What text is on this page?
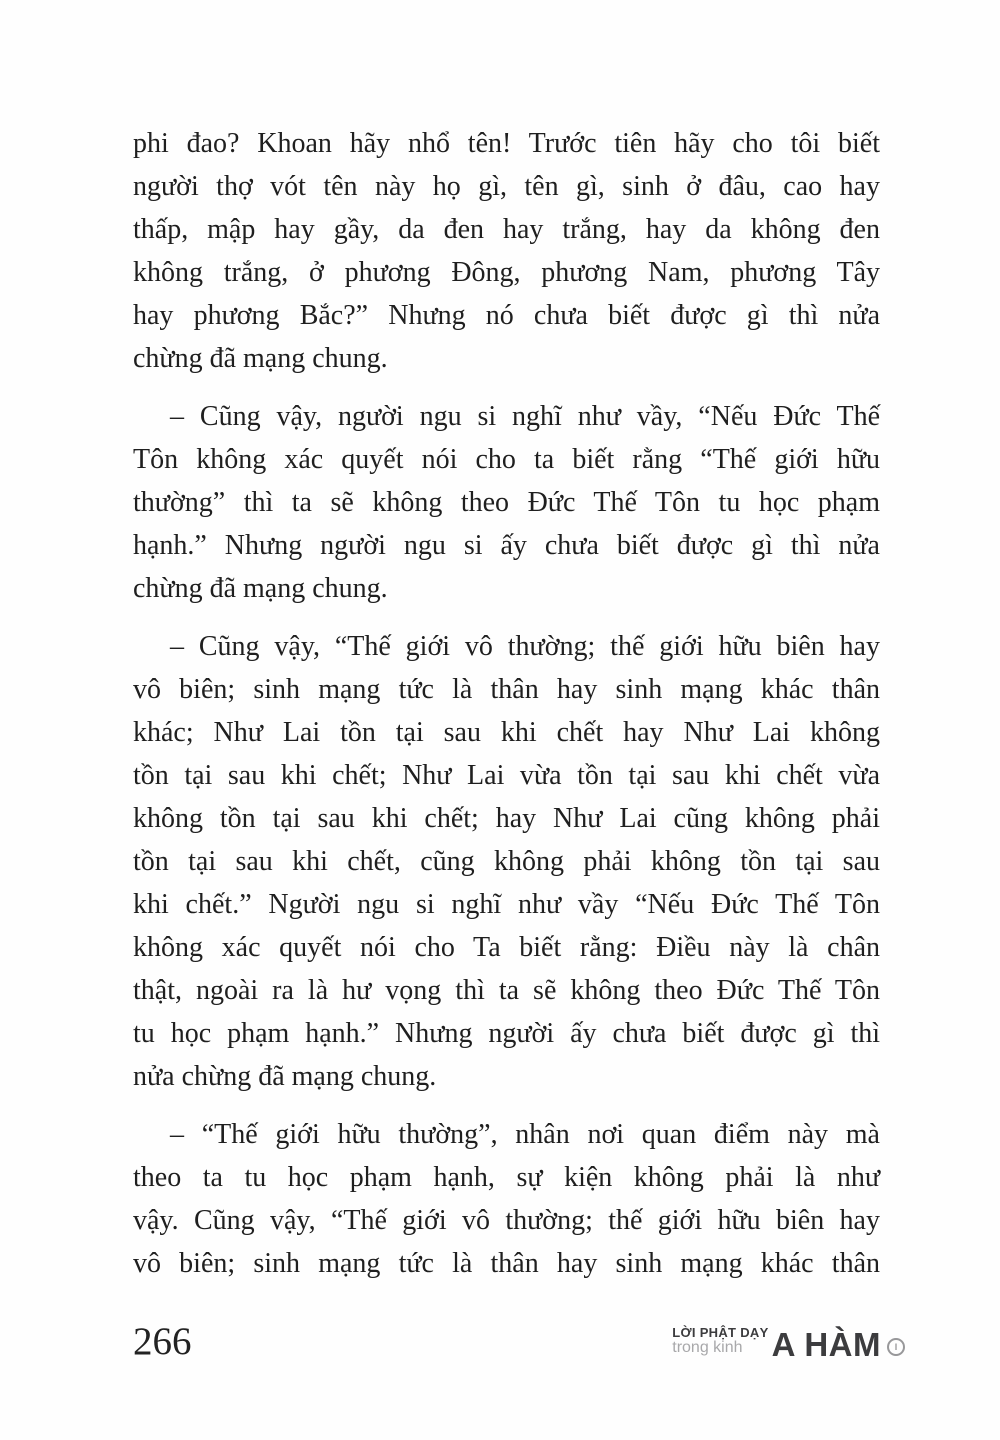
phi đao? Khoan hãy nhổ tên! Trước tiên hãy cho tôi biết
người thợ vót tên này họ gì, tên gì, sinh ở đâu, cao hay
thấp, mập hay gầy, da đen hay trắng, hay da không đen
không trắng, ở phương Đông, phương Nam, phương Tây
hay phương Bắc?” Nhưng nó chưa biết được gì thì nửa
chừng đã mạng chung.
– Cũng vậy, người ngu si nghĩ như vầy, “Nếu Đức Thế
Tôn không xác quyết nói cho ta biết rằng “Thế giới hữu
thường” thì ta sẽ không theo Đức Thế Tôn tu học phạm
hạnh.” Nhưng người ngu si ấy chưa biết được gì thì nửa
chừng đã mạng chung.
– Cũng vậy, “Thế giới vô thường; thế giới hữu biên hay
vô biên; sinh mạng tức là thân hay sinh mạng khác thân
khác; Như Lai tồn tại sau khi chết hay Như Lai không
tồn tại sau khi chết; Như Lai vừa tồn tại sau khi chết vừa
không tồn tại sau khi chết; hay Như Lai cũng không phải
tồn tại sau khi chết, cũng không phải không tồn tại sau
khi chết.” Người ngu si nghĩ như vầy “Nếu Đức Thế Tôn
không xác quyết nói cho Ta biết rằng: Điều này là chân
thật, ngoài ra là hư vọng thì ta sẽ không theo Đức Thế Tôn
tu học phạm hạnh.” Nhưng người ấy chưa biết được gì thì
nửa chừng đã mạng chung.
– “Thế giới hữu thường”, nhân nơi quan điểm này mà
theo ta tu học phạm hạnh, sự kiện không phải là như
vậy. Cũng vậy, “Thế giới vô thường; thế giới hữu biên hay
vô biên; sinh mạng tức là thân hay sinh mạng khác thân
266	LỜI PHẬT DẠY
trong kinh A HÀM	I
